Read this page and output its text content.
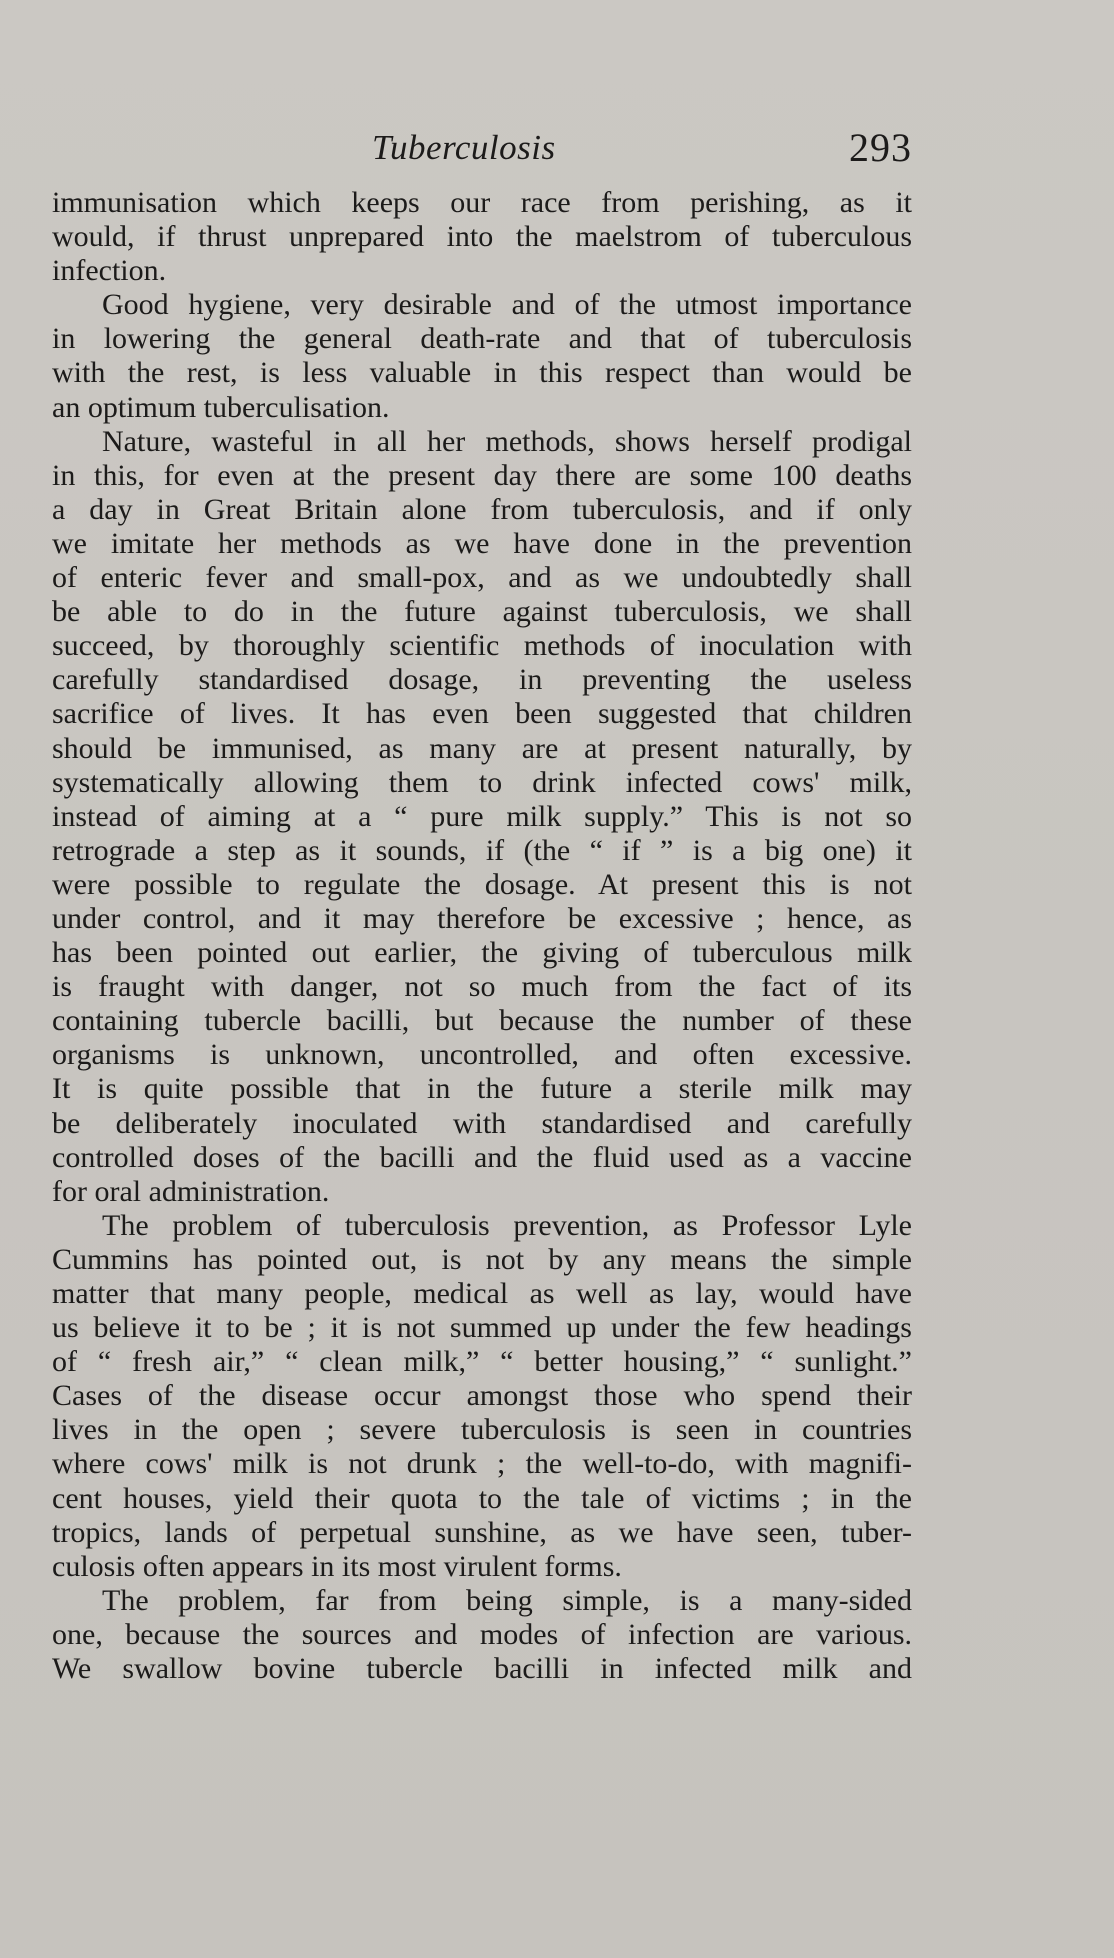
Tuberculosis	293
immunisation which keeps our race from perishing, as it
would, if thrust unprepared into the maelstrom of tuberculous
infection.
Good hygiene, very desirable and of the utmost importance
in lowering the general death-rate and that of tuberculosis
with the rest, is less valuable in this respect than would be
an optimum tuberculisation.
Nature, wasteful in all her methods, shows herself prodigal
in this, for even at the present day there are some 100 deaths
a day in Great Britain alone from tuberculosis, and if only
we imitate her methods as we have done in the prevention
of enteric fever and small-pox, and as we undoubtedly shall
be able to do in the future against tuberculosis, we shall
succeed, by thoroughly scientific methods of inoculation with
carefully standardised dosage, in preventing the useless
sacrifice of lives. It has even been suggested that children
should be immunised, as many are at present naturally, by
systematically allowing them to drink infected cows' milk,
instead of aiming at a “ pure milk supply.” This is not so
retrograde a step as it sounds, if (the “ if ” is a big one) it
were possible to regulate the dosage. At present this is not
under control, and it may therefore be excessive ; hence, as
has been pointed out earlier, the giving of tuberculous milk
is fraught with danger, not so much from the fact of its
containing tubercle bacilli, but because the number of these
organisms is unknown, uncontrolled, and often excessive.
It is quite possible that in the future a sterile milk may
be deliberately inoculated with standardised and carefully
controlled doses of the bacilli and the fluid used as a vaccine
for oral administration.
The problem of tuberculosis prevention, as Professor Lyle
Cummins has pointed out, is not by any means the simple
matter that many people, medical as well as lay, would have
us believe it to be ; it is not summed up under the few headings
of “ fresh air,” “ clean milk,” “ better housing,” “ sunlight.”
Cases of the disease occur amongst those who spend their
lives in the open ; severe tuberculosis is seen in countries
where cows' milk is not drunk ; the well-to-do, with magnifi-
cent houses, yield their quota to the tale of victims ; in the
tropics, lands of perpetual sunshine, as we have seen, tuber-
culosis often appears in its most virulent forms.
The problem, far from being simple, is a many-sided
one, because the sources and modes of infection are various.
We swallow bovine tubercle bacilli in infected milk and
